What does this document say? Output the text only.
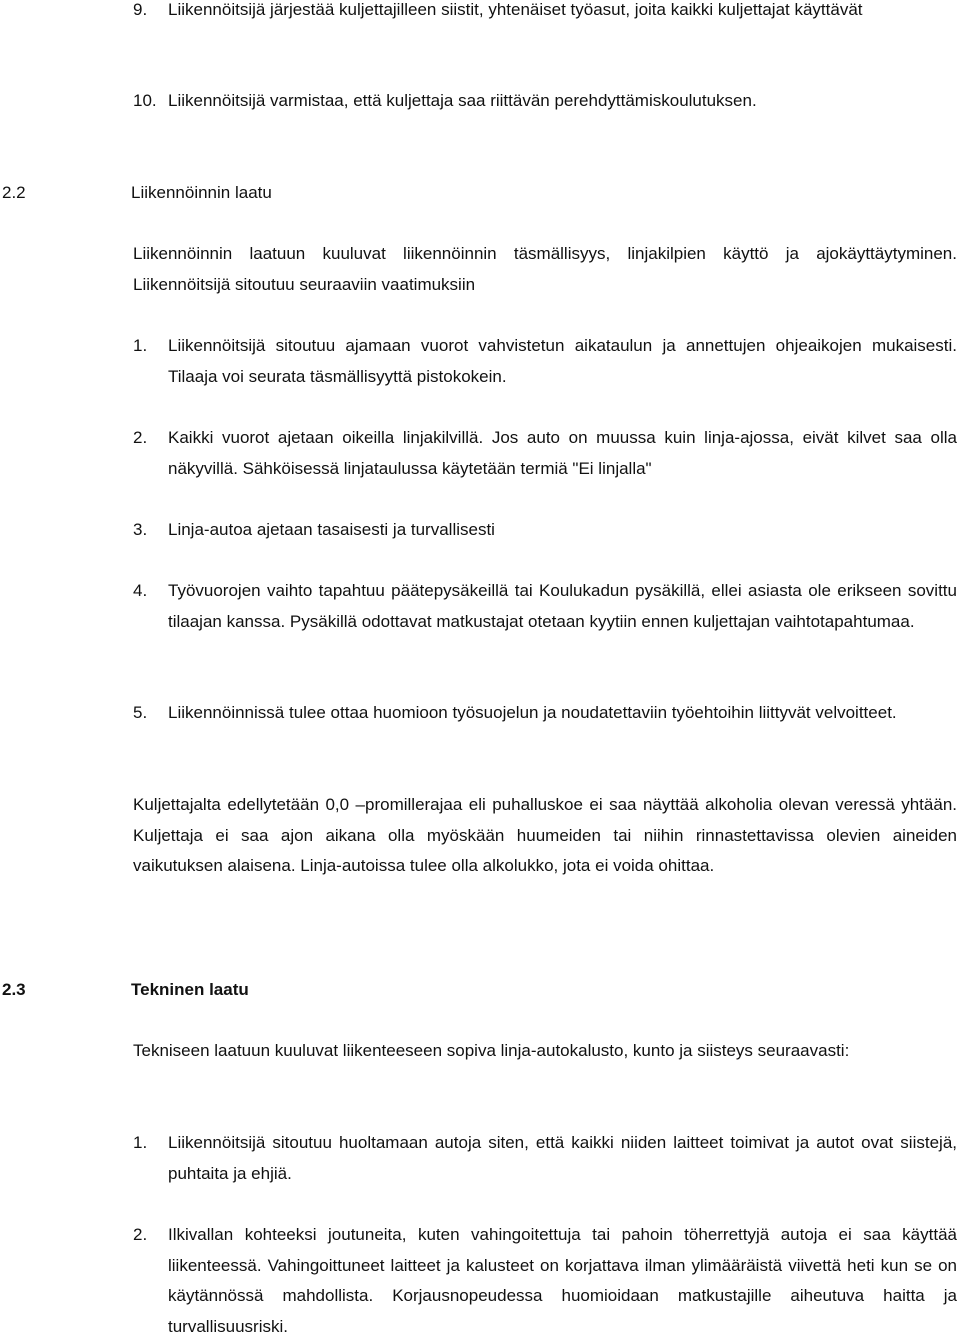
9. Liikennöitsijä järjestää kuljettajilleen siistit, yhtenäiset työasut, joita kaikki kuljettajat käyttävät
10. Liikennöitsijä varmistaa, että kuljettaja saa riittävän perehdyttämiskoulutuksen.
2.2	Liikennöinnin laatu
Liikennöinnin laatuun kuuluvat liikennöinnin täsmällisyys, linjakilpien käyttö ja ajokäyttäytyminen. Liikennöitsijä sitoutuu seuraaviin vaatimuksiin
1. Liikennöitsijä sitoutuu ajamaan vuorot vahvistetun aikataulun ja annettujen ohjeaikojen mukaisesti. Tilaaja voi seurata täsmällisyyttä pistokokein.
2. Kaikki vuorot ajetaan oikeilla linjakilvillä. Jos auto on muussa kuin linja-ajossa, eivät kilvet saa olla näkyvillä. Sähköisessä linjataulussa käytetään termiä "Ei linjalla"
3. Linja-autoa ajetaan tasaisesti ja turvallisesti
4. Työvuorojen vaihto tapahtuu päätepysäkeillä tai Koulukadun pysäkillä, ellei asiasta ole erikseen sovittu tilaajan kanssa. Pysäkillä odottavat matkustajat otetaan kyytiin ennen kuljettajan vaihtotapahtumaa.
5. Liikennöinnissä tulee ottaa huomioon työsuojelun ja noudatettaviin työehtoihin liittyvät velvoitteet.
Kuljettajalta edellytetään 0,0 –promillerajaa eli puhalluskoe ei saa näyttää alkoholia olevan veressä yhtään. Kuljettaja ei saa ajon aikana olla myöskään huumeiden tai niihin rinnastettavissa olevien aineiden vaikutuksen alaisena. Linja-autoissa tulee olla alkolukko, jota ei voida ohittaa.
2.3	Tekninen laatu
Tekniseen laatuun kuuluvat liikenteeseen sopiva linja-autokalusto, kunto ja siisteys seuraavasti:
1. Liikennöitsijä sitoutuu huoltamaan autoja siten, että kaikki niiden laitteet toimivat ja autot ovat siistejä, puhtaita ja ehjiä.
2. Ilkivallan kohteeksi joutuneita, kuten vahingoitettuja tai pahoin töherrettyjä autoja ei saa käyttää liikenteessä. Vahingoittuneet laitteet ja kalusteet on korjattava ilman ylimääräistä viivettä heti kun se on käytännössä mahdollista. Korjausnopeudessa huomioidaan matkustajille aiheutuva haitta ja turvallisuusriski.
